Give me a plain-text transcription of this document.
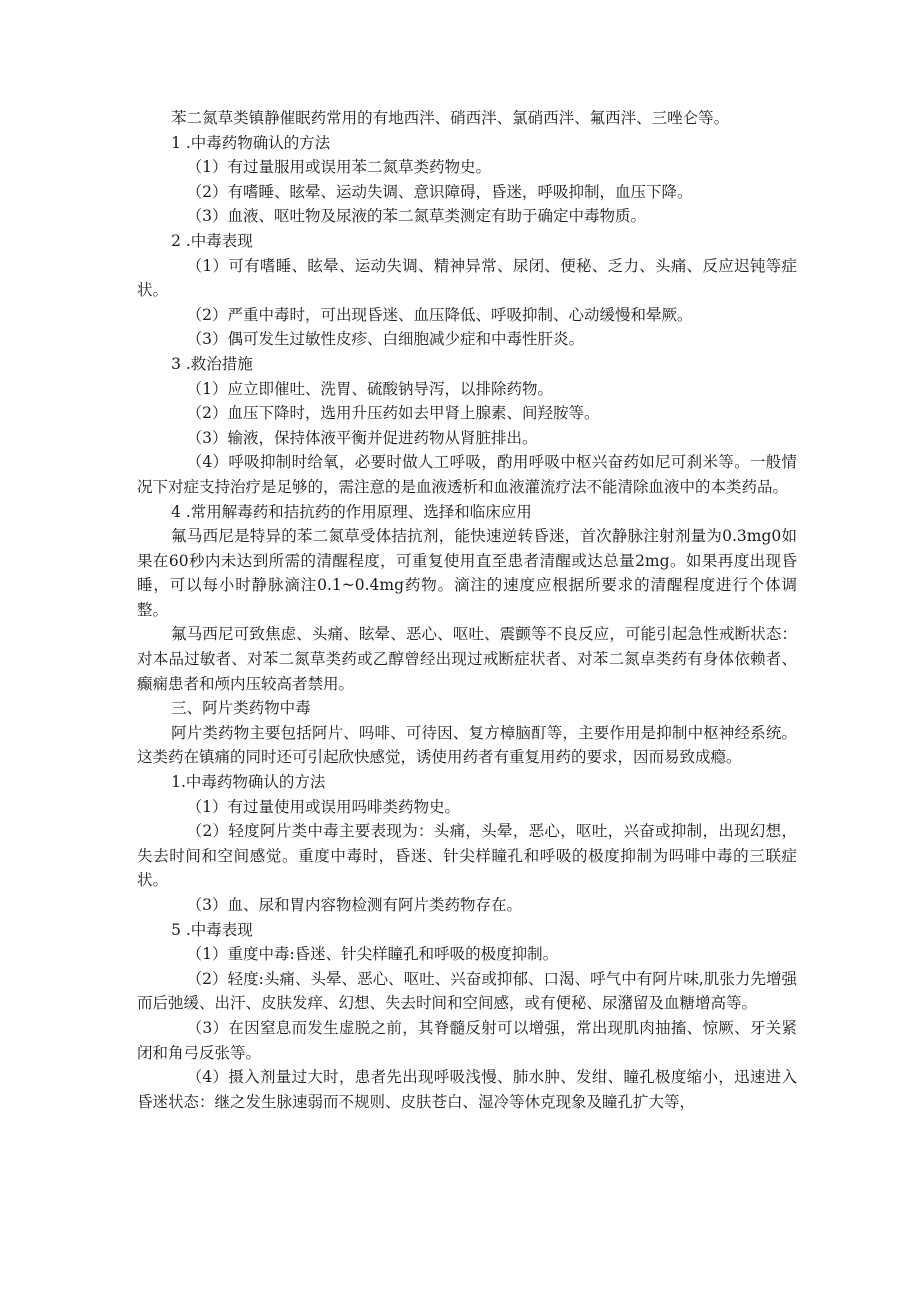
苯二氮草类镇静催眠药常用的有地西泮、硝西泮、氯硝西泮、氟西泮、三唑仑等。

1 .中毒药物确认的方法

（1）有过量服用或误用苯二氮草类药物史。

（2）有嗜睡、眩晕、运动失调、意识障碍，昏迷，呼吸抑制，血压下降。

（3）血液、呕吐物及尿液的苯二氮草类测定有助于确定中毒物质。

2 .中毒表现

（1）可有嗜睡、眩晕、运动失调、精神异常、尿闭、便秘、乏力、头痛、反应迟钝等症状。

（2）严重中毒时，可出现昏迷、血压降低、呼吸抑制、心动缓慢和晕厥。

（3）偶可发生过敏性皮疹、白细胞减少症和中毒性肝炎。

3 .救治措施

（1）应立即催吐、洗胃、硫酸钠导泻，以排除药物。

（2）血压下降时，选用升压药如去甲肾上腺素、间羟胺等。

（3）输液，保持体液平衡并促进药物从肾脏排出。

（4）呼吸抑制时给氧，必要时做人工呼吸，酌用呼吸中枢兴奋药如尼可刹米等。一般情况下对症支持治疗是足够的，需注意的是血液透析和血液灌流疗法不能清除血液中的本类药品。

4 .常用解毒药和拮抗药的作用原理、选择和临床应用

氟马西尼是特异的苯二氮草受体拮抗剂，能快速逆转昏迷，首次静脉注射剂量为0.3mg0如果在60秒内未达到所需的清醒程度，可重复使用直至患者清醒或达总量2mg。如果再度出现昏睡，可以每小时静脉滴注0.1~0.4mg药物。滴注的速度应根据所要求的清醒程度进行个体调整。

氟马西尼可致焦虑、头痛、眩晕、恶心、呕吐、震颤等不良反应，可能引起急性戒断状态：对本品过敏者、对苯二氮草类药或乙醇曾经出现过戒断症状者、对苯二氮卓类药有身体依赖者、癫痫患者和颅内压较高者禁用。

三、阿片类药物中毒

阿片类药物主要包括阿片、吗啡、可待因、复方樟脑酊等，主要作用是抑制中枢神经系统。这类药在镇痛的同时还可引起欣快感觉，诱使用药者有重复用药的要求，因而易致成瘾。

1.中毒药物确认的方法

（1）有过量使用或误用吗啡类药物史。

（2）轻度阿片类中毒主要表现为：头痛，头晕，恶心，呕吐，兴奋或抑制，出现幻想，失去时间和空间感觉。重度中毒时，昏迷、针尖样瞳孔和呼吸的极度抑制为吗啡中毒的三联症状。

（3）血、尿和胃内容物检测有阿片类药物存在。

5 .中毒表现

（1）重度中毒:昏迷、针尖样瞳孔和呼吸的极度抑制。

（2）轻度:头痛、头晕、恶心、呕吐、兴奋或抑郁、口渴、呼气中有阿片味,肌张力先增强而后弛缓、出汗、皮肤发痒、幻想、失去时间和空间感，或有便秘、尿潴留及血糖增高等。

（3）在因窒息而发生虚脱之前，其脊髓反射可以增强，常出现肌肉抽搐、惊厥、牙关紧闭和角弓反张等。

（4）摄入剂量过大时，患者先出现呼吸浅慢、肺水肿、发绀、瞳孔极度缩小，迅速进入昏迷状态：继之发生脉速弱而不规则、皮肤苍白、湿冷等休克现象及瞳孔扩大等，
